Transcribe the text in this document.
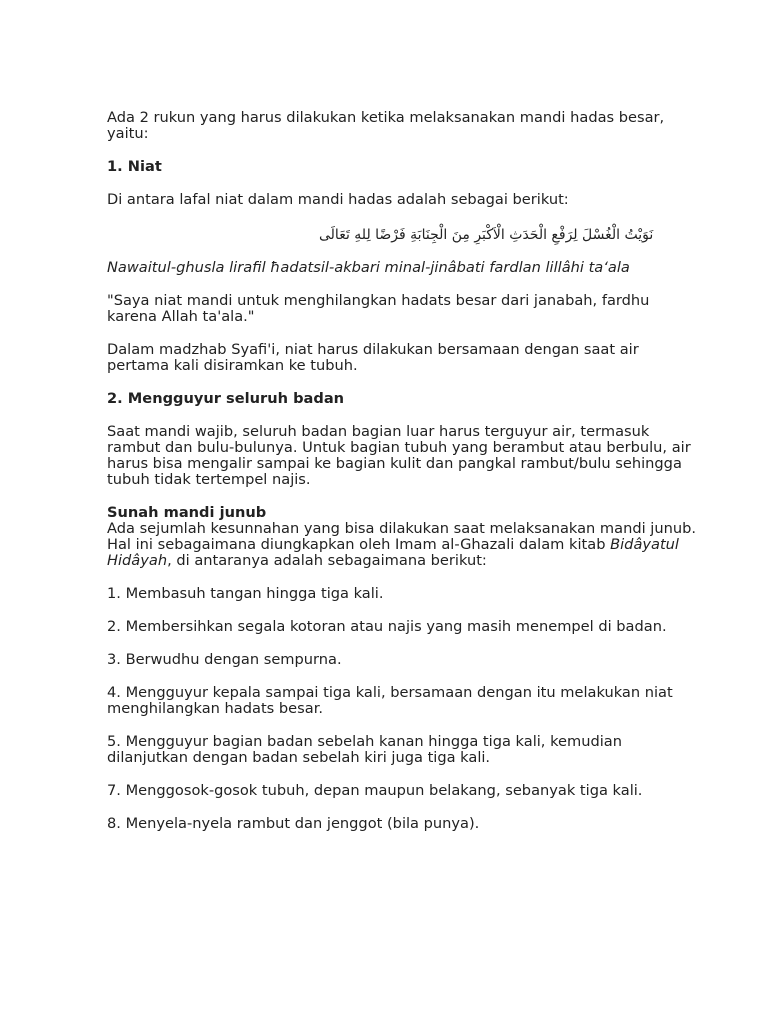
Ada 2 rukun yang harus dilakukan ketika melaksanakan mandi hadas besar, yaitu:

1. Niat

Di antara lafal niat dalam mandi hadas adalah sebagai berikut:

نَوَيْتُ الْغُسْلَ لِرَفْعِ الْحَدَثِ الْاَكْبَرِ مِنَ الْجِنَابَةِ فَرْضًا لِلهِ تَعَالَى

Nawaitul-ghusla lirafil ħadatsil-akbari minal-jinâbati fardlan lillâhi ta‘ala

"Saya niat mandi untuk menghilangkan hadats besar dari janabah, fardhu karena Allah ta'ala."

Dalam madzhab Syafi'i, niat harus dilakukan bersamaan dengan saat air pertama kali disiramkan ke tubuh.

2. Mengguyur seluruh badan

Saat mandi wajib, seluruh badan bagian luar harus terguyur air, termasuk rambut dan bulu-bulunya. Untuk bagian tubuh yang berambut atau berbulu, air harus bisa mengalir sampai ke bagian kulit dan pangkal rambut/bulu sehingga tubuh tidak tertempel najis.

Sunah mandi junub

Ada sejumlah kesunnahan yang bisa dilakukan saat melaksanakan mandi junub. Hal ini sebagaimana diungkapkan oleh Imam al-Ghazali dalam kitab Bidâyatul Hidâyah, di antaranya adalah sebagaimana berikut:

1. Membasuh tangan hingga tiga kali.

2. Membersihkan segala kotoran atau najis yang masih menempel di badan.

3. Berwudhu dengan sempurna.

4. Mengguyur kepala sampai tiga kali, bersamaan dengan itu melakukan niat menghilangkan hadats besar.

5. Mengguyur bagian badan sebelah kanan hingga tiga kali, kemudian dilanjutkan dengan badan sebelah kiri juga tiga kali.

7. Menggosok-gosok tubuh, depan maupun belakang, sebanyak tiga kali.

8. Menyela-nyela rambut dan jenggot (bila punya).
